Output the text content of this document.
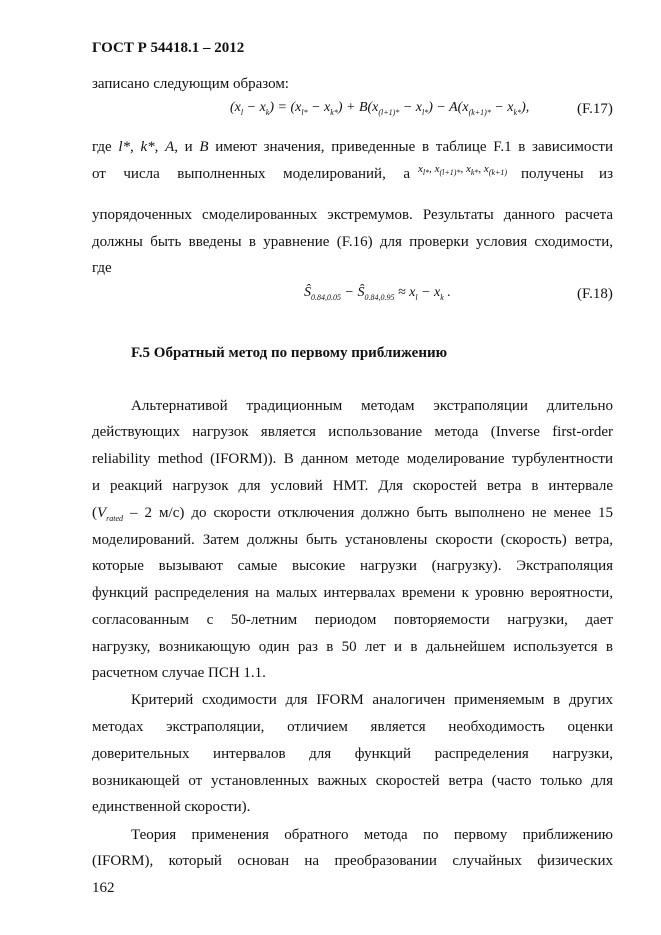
ГОСТ Р 54418.1 – 2012
записано следующим образом:
$(x_l - x_k) = (x_{l*} - x_{k*}) + B(x_{(l+1)*} - x_{l*}) - A(x_{(k+1)*} - x_{k*})$,	(F.17)
где l*, k*, A, и B имеют значения, приведенные в таблице F.1 в зависимости
от числа выполненных моделирований, а $x_{l*}$, $x_{(l+1)*}$, $x_{k*}$, $x_{(k+1)}$ получены из
упорядоченных смоделированных экстремумов. Результаты данного расчета
должны быть введены в уравнение (F.16) для проверки условия сходимости,
где
$Ŝ_{0.84,0.05}$ − $Ŝ_{0.84,0.95} \approx x_l - x_k$ .	(F.18)
F.5 Обратный метод по первому приближению
Альтернативой традиционным методам экстраполяции длительно
действующих нагрузок является использование метода (Inverse first-order
reliability method (IFORM)). В данном методе моделирование турбулентности
и реакций нагрузок для условий НМТ. Для скоростей ветра в интервале
($V_{rated} - 2$ м/с) до скорости отключения должно быть выполнено не менее 15
моделирований. Затем должны быть установлены скорости (скорость) ветра,
которые вызывают самые высокие нагрузки (нагрузку). Экстраполяция
функций распределения на малых интервалах времени к уровню вероятности,
согласованным с 50-летним периодом повторяемости нагрузки, дает
нагрузку, возникающую один раз в 50 лет и в дальнейшем используется в
расчетном случае ПСН 1.1.
Критерий сходимости для IFORM аналогичен применяемым в других
методах экстраполяции, отличием является необходимость оценки
доверительных интервалов для функций распределения нагрузки,
возникающей от установленных важных скоростей ветра (часто только для
единственной скорости).
Теория применения обратного метода по первому приближению
(IFORM), который основан на преобразовании случайных физических
162
